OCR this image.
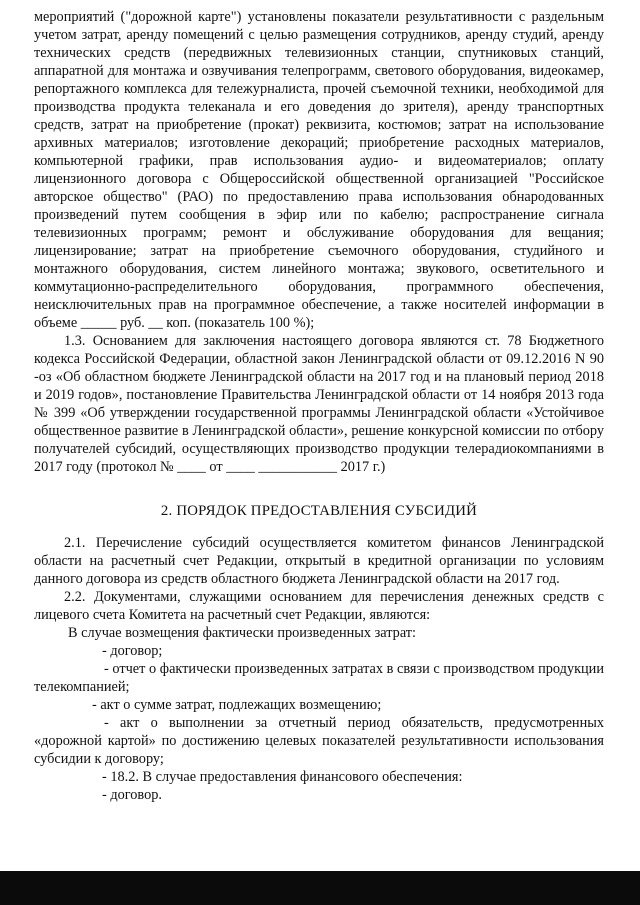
мероприятий ("дорожной карте") установлены показатели результативности с раздельным учетом затрат, аренду помещений с целью размещения сотрудников, аренду студий, аренду технических средств (передвижных телевизионных станции, спутниковых станций, аппаратной для монтажа и озвучивания телепрограмм, светового оборудования, видеокамер, репортажного комплекса для тележурналиста, прочей съемочной техники, необходимой для производства продукта телеканала и его доведения до зрителя), аренду транспортных средств, затрат на приобретение (прокат) реквизита, костюмов; затрат на использование архивных материалов; изготовление декораций; приобретение расходных материалов, компьютерной графики, прав использования аудио- и видеоматериалов; оплату лицензионного договора с Общероссийской общественной организацией "Российское авторское общество" (РАО) по предоставлению права использования обнародованных произведений путем сообщения в эфир или по кабелю; распространение сигнала телевизионных программ; ремонт и обслуживание оборудования для вещания; лицензирование; затрат на приобретение съемочного оборудования, студийного и монтажного оборудования, систем линейного монтажа; звукового, осветительного и коммутационно-распределительного оборудования, программного обеспечения, неисключительных прав на программное обеспечение, а также носителей информации в объеме _____ руб. __ коп. (показатель 100 %);

1.3. Основанием для заключения настоящего договора являются ст. 78 Бюджетного кодекса Российской Федерации, областной закон Ленинградской области от 09.12.2016 N 90 -оз «Об областном бюджете Ленинградской области на 2017 год и на плановый период 2018 и 2019 годов», постановление Правительства Ленинградской области от 14 ноября 2013 года № 399 «Об утверждении государственной программы Ленинградской области «Устойчивое общественное развитие в Ленинградской области», решение конкурсной комиссии по отбору получателей субсидий, осуществляющих производство продукции телерадиокомпаниями в 2017 году (протокол № ____ от ____ ___________ 2017 г.)

2. ПОРЯДОК ПРЕДОСТАВЛЕНИЯ СУБСИДИЙ

2.1. Перечисление субсидий осуществляется комитетом финансов Ленинградской области на расчетный счет Редакции, открытый в кредитной организации по условиям данного договора из средств областного бюджета Ленинградской области на 2017 год.

2.2. Документами, служащими основанием для перечисления денежных средств с лицевого счета Комитета на расчетный счет Редакции, являются:

В случае возмещения фактически произведенных затрат:

- договор;

- отчет о фактически произведенных затратах в связи с производством продукции телекомпанией;

- акт о сумме затрат, подлежащих возмещению;

- акт о выполнении за отчетный период обязательств, предусмотренных «дорожной картой» по достижению целевых показателей результативности использования субсидии к договору;

- 18.2. В случае предоставления финансового обеспечения:

- договор.
